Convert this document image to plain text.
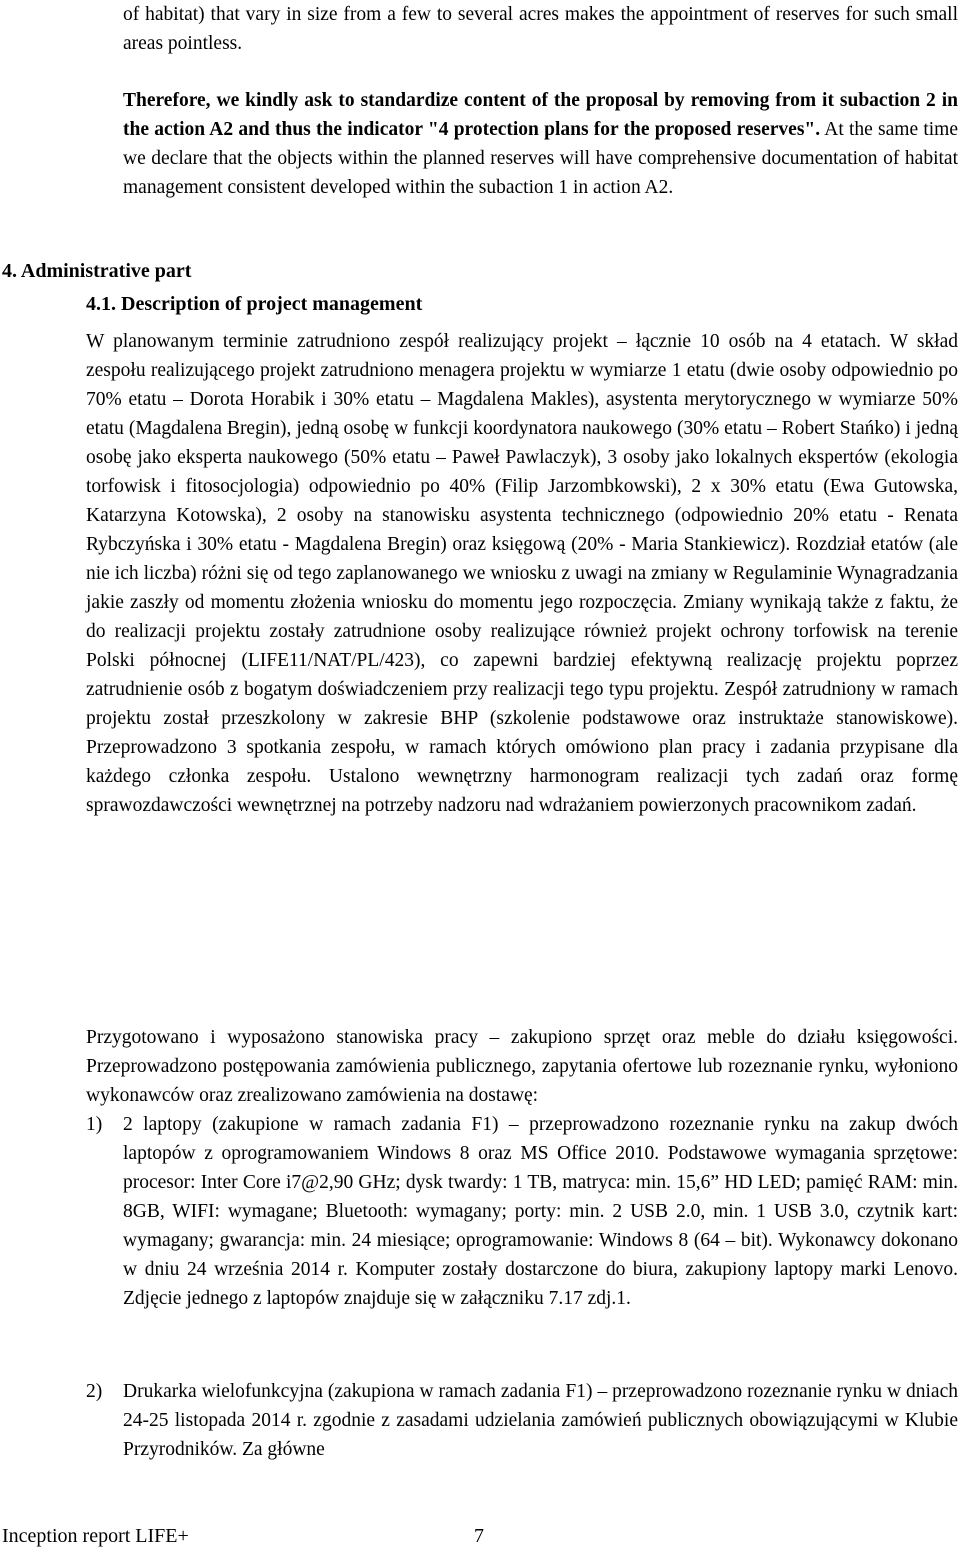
of habitat) that vary in size from a few to several acres makes the appointment of reserves for such small areas pointless.

Therefore, we kindly ask to standardize content of the proposal by removing from it subaction 2 in the action A2 and thus the indicator "4 protection plans for the proposed reserves". At the same time we declare that the objects within the planned reserves will have comprehensive documentation of habitat management consistent developed within the subaction 1 in action A2.

4. Administrative part
4.1. Description of project management

W planowanym terminie zatrudniono zespół realizujący projekt – łącznie 10 osób na 4 etatach. W skład zespołu realizującego projekt zatrudniono menagera projektu w wymiarze 1 etatu (dwie osoby odpowiednio po 70% etatu – Dorota Horabik i 30% etatu – Magdalena Makles), asystenta merytorycznego w wymiarze 50% etatu (Magdalena Bregin), jedną osobę w funkcji koordynatora naukowego (30% etatu – Robert Stańko) i jedną osobę jako eksperta naukowego (50% etatu – Paweł Pawlaczyk), 3 osoby jako lokalnych ekspertów (ekologia torfowisk i fitosocjologia) odpowiednio po 40% (Filip Jarzombkowski), 2 x 30% etatu (Ewa Gutowska, Katarzyna Kotowska), 2 osoby na stanowisku asystenta technicznego (odpowiednio 20% etatu - Renata Rybczyńska i 30% etatu - Magdalena Bregin) oraz księgową (20% - Maria Stankiewicz). Rozdział etatów (ale nie ich liczba) różni się od tego zaplanowanego we wniosku z uwagi na zmiany w Regulaminie Wynagradzania jakie zaszły od momentu złożenia wniosku do momentu jego rozpoczęcia. Zmiany wynikają także z faktu, że do realizacji projektu zostały zatrudnione osoby realizujące również projekt ochrony torfowisk na terenie Polski północnej (LIFE11/NAT/PL/423), co zapewni bardziej efektywną realizację projektu poprzez zatrudnienie osób z bogatym doświadczeniem przy realizacji tego typu projektu. Zespół zatrudniony w ramach projektu został przeszkolony w zakresie BHP (szkolenie podstawowe oraz instruktaże stanowiskowe). Przeprowadzono 3 spotkania zespołu, w ramach których omówiono plan pracy i zadania przypisane dla każdego członka zespołu. Ustalono wewnętrzny harmonogram realizacji tych zadań oraz formę sprawozdawczości wewnętrznej na potrzeby nadzoru nad wdrażaniem powierzonych pracownikom zadań.

Przygotowano i wyposażono stanowiska pracy – zakupiono sprzęt oraz meble do działu księgowości. Przeprowadzono postępowania zamówienia publicznego, zapytania ofertowe lub rozeznanie rynku, wyłoniono wykonawców oraz zrealizowano zamówienia na dostawę:

1) 2 laptopy (zakupione w ramach zadania F1) – przeprowadzono rozeznanie rynku na zakup dwóch laptopów z oprogramowaniem Windows 8 oraz MS Office 2010. Podstawowe wymagania sprzętowe: procesor: Inter Core i7@2,90 GHz; dysk twardy: 1 TB, matryca: min. 15,6” HD LED; pamięć RAM: min. 8GB, WIFI: wymagane; Bluetooth: wymagany; porty: min. 2 USB 2.0, min. 1 USB 3.0, czytnik kart: wymagany; gwarancja: min. 24 miesiące; oprogramowanie: Windows 8 (64 – bit). Wykonawcy dokonano w dniu 24 września 2014 r. Komputer zostały dostarczone do biura, zakupiony laptopy marki Lenovo. Zdjęcie jednego z laptopów znajduje się w załączniku 7.17 zdj.1.

2) Drukarka wielofunkcyjna (zakupiona w ramach zadania F1) – przeprowadzono rozeznanie rynku w dniach 24-25 listopada 2014 r. zgodnie z zasadami udzielania zamówień publicznych obowiązującymi w Klubie Przyrodników. Za główne

Inception report LIFE+	7
